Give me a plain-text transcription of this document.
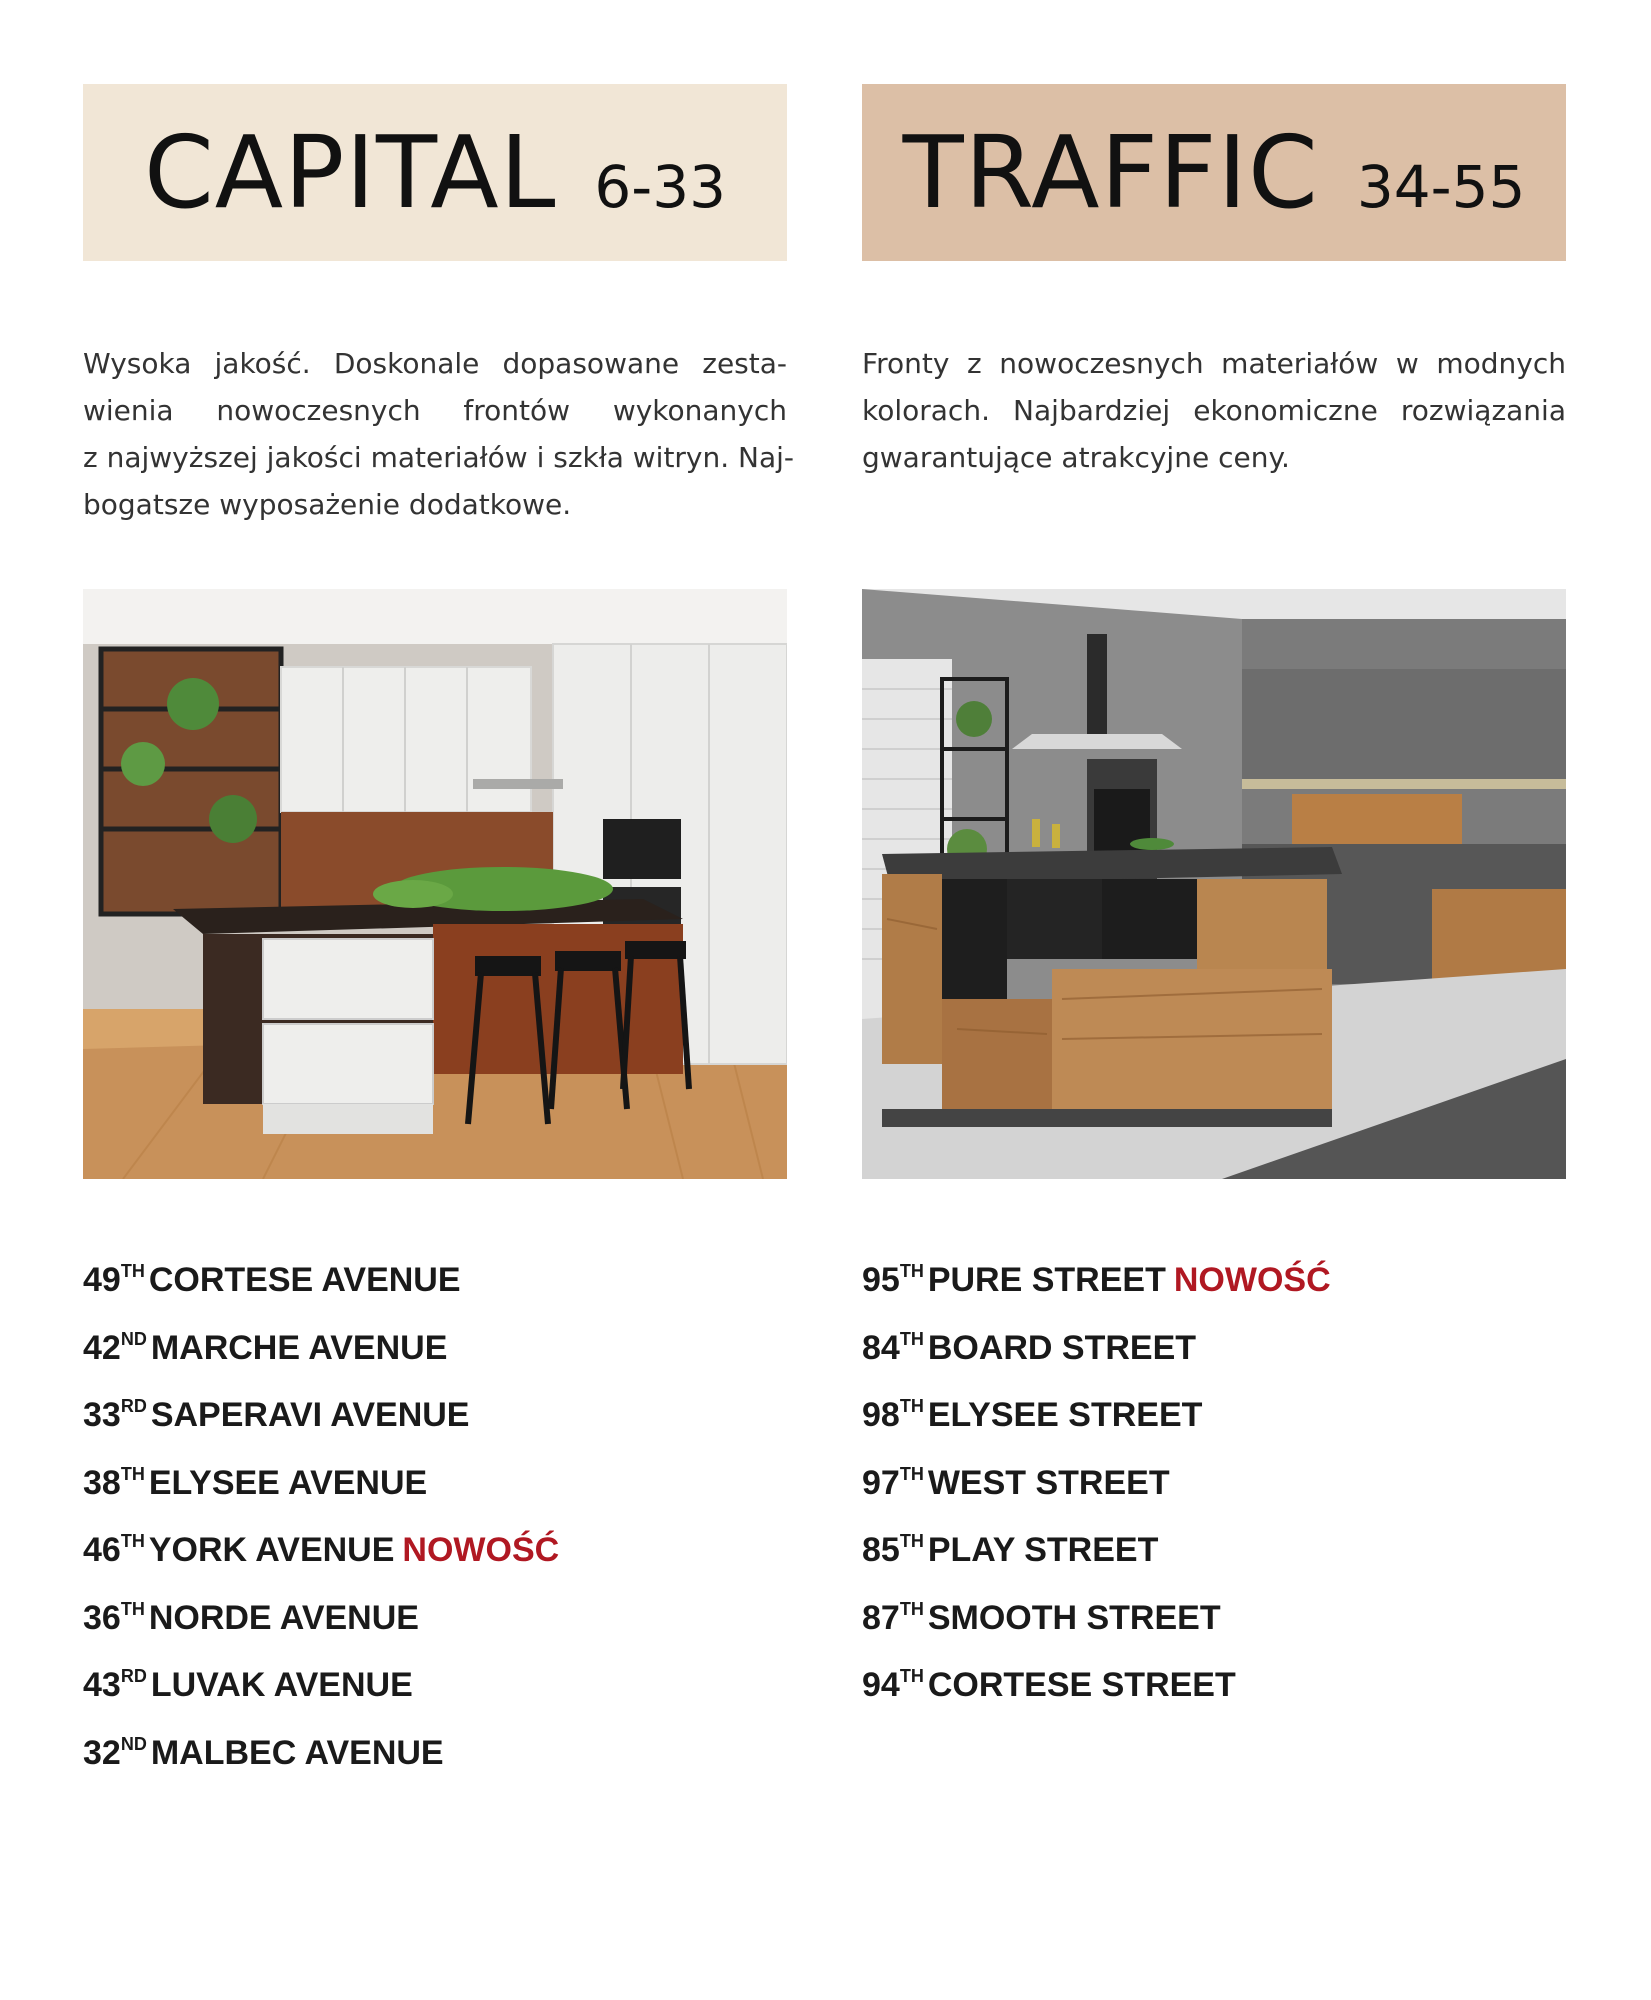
CAPITAL 6-33

Wysoka jakość. Doskonale dopasowane zesta-
wienia nowoczesnych frontów wykonanych
z najwyższej jakości materiałów i szkła witryn. Naj-
bogatsze wyposażenie dodatkowe.

49TH CORTESE AVENUE
42ND MARCHE AVENUE
33RD SAPERAVI AVENUE
38TH ELYSEE AVENUE
46TH YORK AVENUE NOWOŚĆ
36TH NORDE AVENUE
43RD LUVAK AVENUE
32ND MALBEC AVENUE
TRAFFIC 34-55

Fronty z nowoczesnych materiałów w modnych
kolorach. Najbardziej ekonomiczne rozwiązania
gwarantujące atrakcyjne ceny.

95TH PURE STREET NOWOŚĆ
84TH BOARD STREET
98TH ELYSEE STREET
97TH WEST STREET
85TH PLAY STREET
87TH SMOOTH STREET
94TH CORTESE STREET
